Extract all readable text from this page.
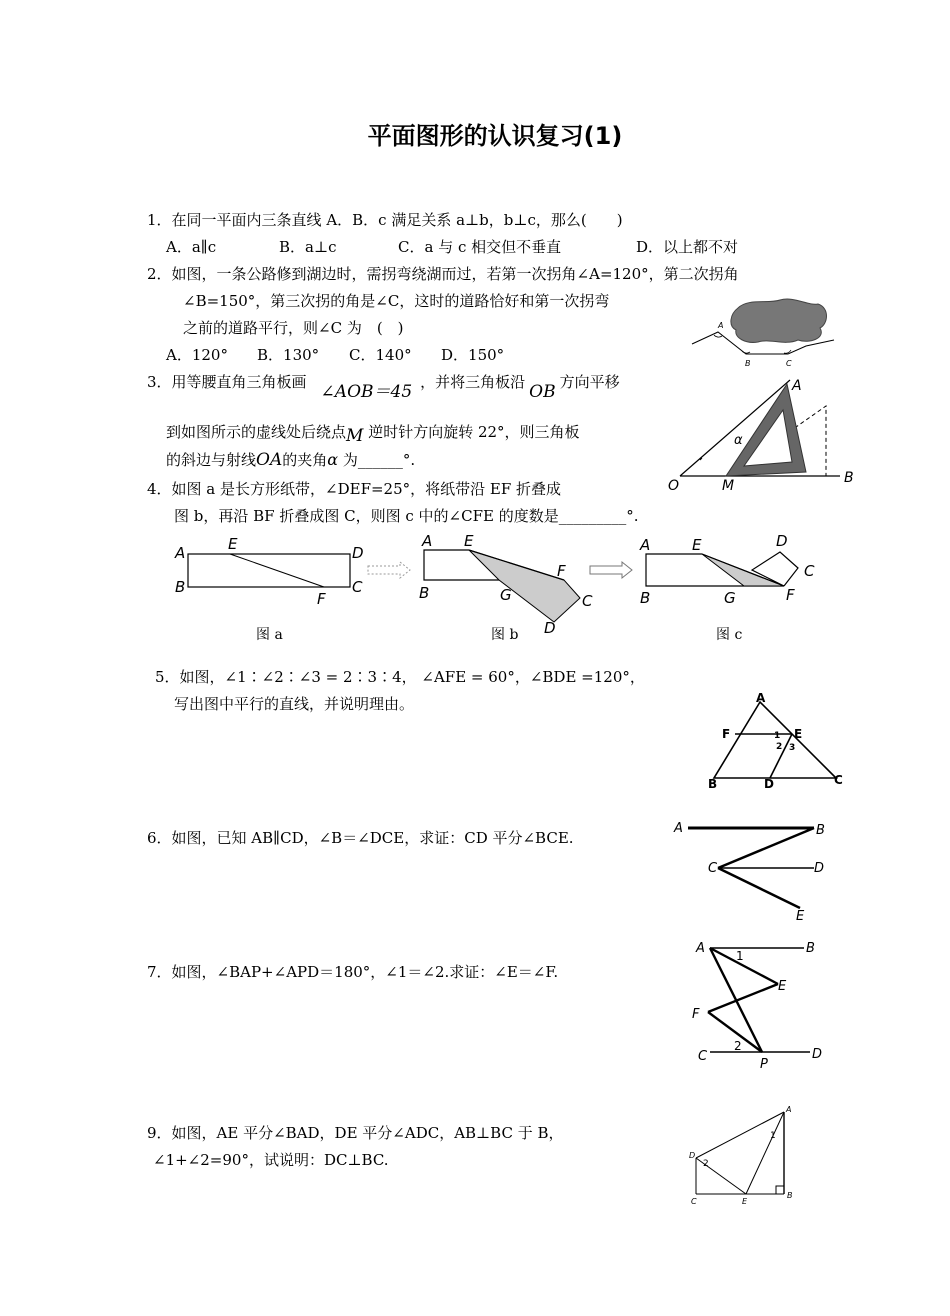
平面图形的认识复习(1)
1．在同一平面内三条直线 A．B．c 满足关系 a⊥b，b⊥c，那么(　　)
A．a∥c	B．a⊥c	C．a 与 c 相交但不垂直	D．以上都不对
2．如图，一条公路修到湖边时，需拐弯绕湖而过，若第一次拐角∠A=120°，第二次拐角
∠B=150°，第三次拐的角是∠C，这时的道路恰好和第一次拐弯
之前的道路平行，则∠C 为　(　)
A．120° B．130° C．140° D．150°
A
B	C
3．用等腰直角三角板画 ∠AOB＝45 ，并将三角板沿 OB 方向平移
到如图所示的虚线处后绕点M 逆时针方向旋转 22°，则三角板
的斜边与射线OA的夹角α 为______°.
A
α
O	M	B
4．如图 a 是长方形纸带，∠DEF=25°，将纸带沿 EF 折叠成
图 b，再沿 BF 折叠成图 C，则图 c 中的∠CFE 的度数是_________°.
A	E	D
B
F
C
A E
F
B	G	C
D
A	E	D
C
B	G	F
图 a	图 b	图 c
5．如图，∠1∶∠2∶∠3 = 2∶3∶4， ∠AFE = 60°，∠BDE =120°，
写出图中平行的直线，并说明理由。	A
F	E
1
2 3
B	D	C
6．如图，已知 AB∥CD，∠B＝∠DCE，求证：CD 平分∠BCE.
A	B
C	D
E
7．如图，∠BAP+∠APD＝180°，∠1＝∠2.求证：∠E＝∠F.
A	1	B
E
F
C
2
P
D
9．如图，AE 平分∠BAD，DE 平分∠ADC，AB⊥BC 于 B，
∠1+∠2=90°，试说明：DC⊥BC.
A
1
D
2
C	E
B
